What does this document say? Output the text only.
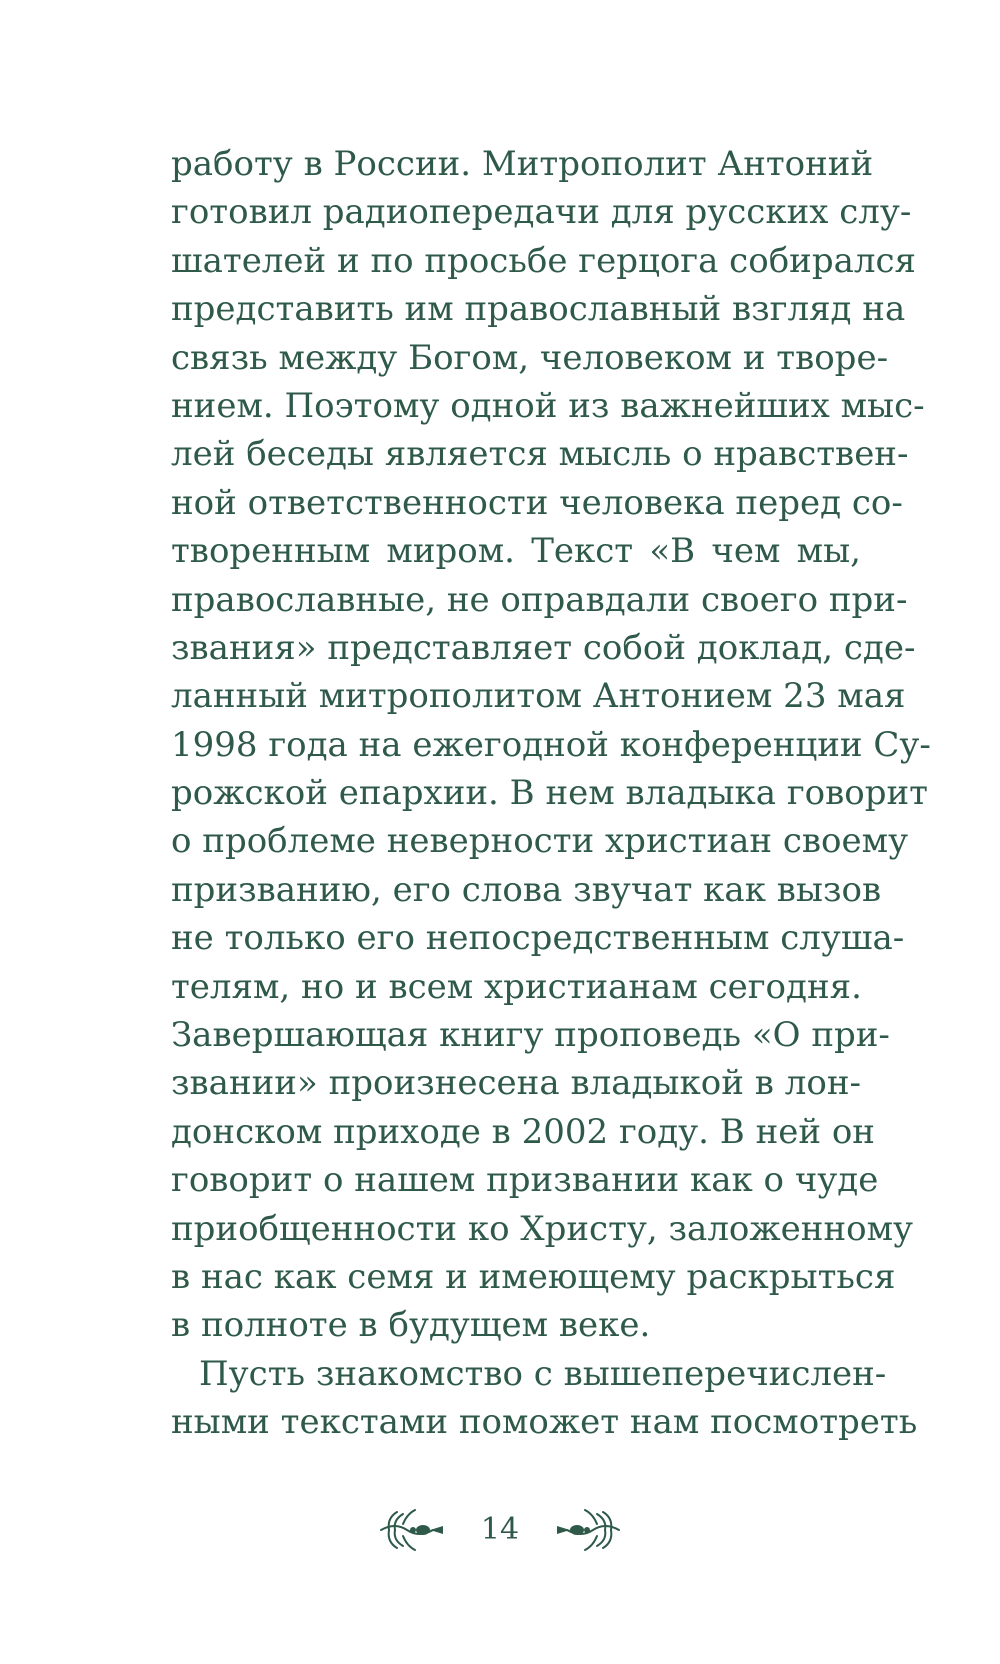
работу в России. Митрополит Антоний
готовил радиопередачи для русских слу-
шателей и по просьбе герцога собирался
представить им православный взгляд на
связь между Богом, человеком и творе-
нием. Поэтому одной из важнейших мыс-
лей беседы является мысль о нравствен-
ной ответственности человека перед со-
творенным миром. Текст «В чем мы,
православные, не оправдали своего при-
звания» представляет собой доклад, сде-
ланный митрополитом Антонием 23 мая
1998 года на ежегодной конференции Су-
рожской епархии. В нем владыка говорит
о проблеме неверности христиан своему
призванию, его слова звучат как вызов
не только его непосредственным слуша-
телям, но и всем христианам сегодня.
Завершающая книгу проповедь «О при-
звании» произнесена владыкой в лон-
донском приходе в 2002 году. В ней он
говорит о нашем призвании как о чуде
приобщенности ко Христу, заложенному
в нас как семя и имеющему раскрыться
в полноте в будущем веке.
Пусть знакомство с вышеперечислен-
ными текстами поможет нам посмотреть
14
